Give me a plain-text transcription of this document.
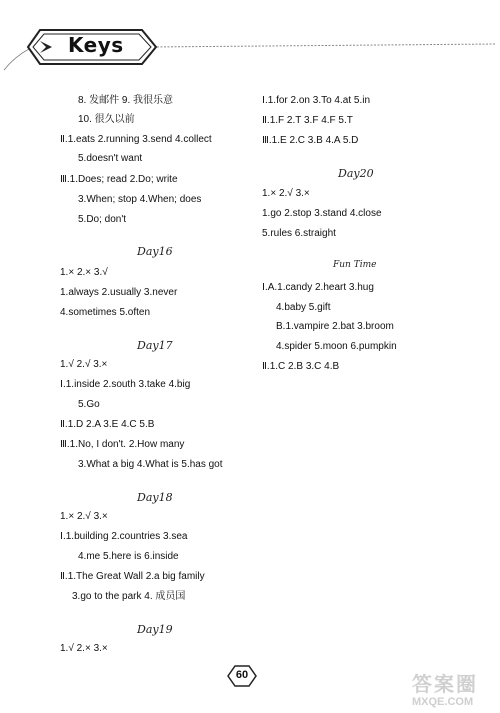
Keys
8. 发邮件 9. 我很乐意
10. 很久以前
Ⅱ.1.eats 2.running 3.send 4.collect
5.doesn't want
Ⅲ.1.Does; read 2.Do; write
3.When; stop 4.When; does
5.Do; don't
Day16
1.× 2.× 3.√
1.always 2.usually 3.never
4.sometimes 5.often
Day17
1.√ 2.√ 3.×
Ⅰ.1.inside 2.south 3.take 4.big
5.Go
Ⅱ.1.D 2.A 3.E 4.C 5.B
Ⅲ.1.No, I don't. 2.How many
3.What a big 4.What is 5.has got
Day18
1.× 2.√ 3.×
Ⅰ.1.building 2.countries 3.sea
4.me 5.here is 6.inside
Ⅱ.1.The Great Wall 2.a big family
3.go to the park 4. 成员国
Day19
1.√ 2.× 3.×
Ⅰ.1.for 2.on 3.To 4.at 5.in
Ⅱ.1.F 2.T 3.F 4.F 5.T
Ⅲ.1.E 2.C 3.B 4.A 5.D
Day20
1.× 2.√ 3.×
1.go 2.stop 3.stand 4.close
5.rules 6.straight
Fun Time
Ⅰ.A.1.candy 2.heart 3.hug
4.baby 5.gift
B.1.vampire 2.bat 3.broom
4.spider 5.moon 6.pumpkin
Ⅱ.1.C 2.B 3.C 4.B
60	答案圈
MXQE.COM
